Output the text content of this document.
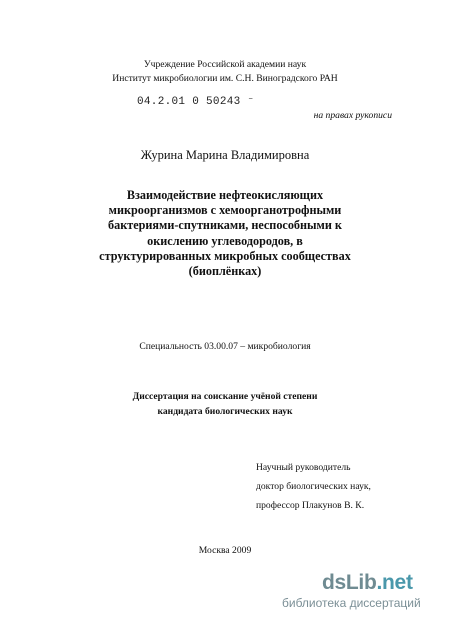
Учреждение Российской академии наук
Институт микробиологии им. С.Н. Виноградского РАН
04.2.01 0 50243 ⁻
на правах рукописи
Журина Марина Владимировна
Взаимодействие нефтеокисляющих
микроорганизмов с хемоорганотрофными
бактериями-спутниками, неспособными к
окислению углеводородов, в
структурированных микробных сообществах
(биоплёнках)
Специальность 03.00.07 – микробиология
Диссертация на соискание учёной степени
кандидата биологических наук
Научный руководитель
доктор биологических наук,
профессор Плакунов В. К.
Москва 2009
dsLib.net
библиотека диссертаций
